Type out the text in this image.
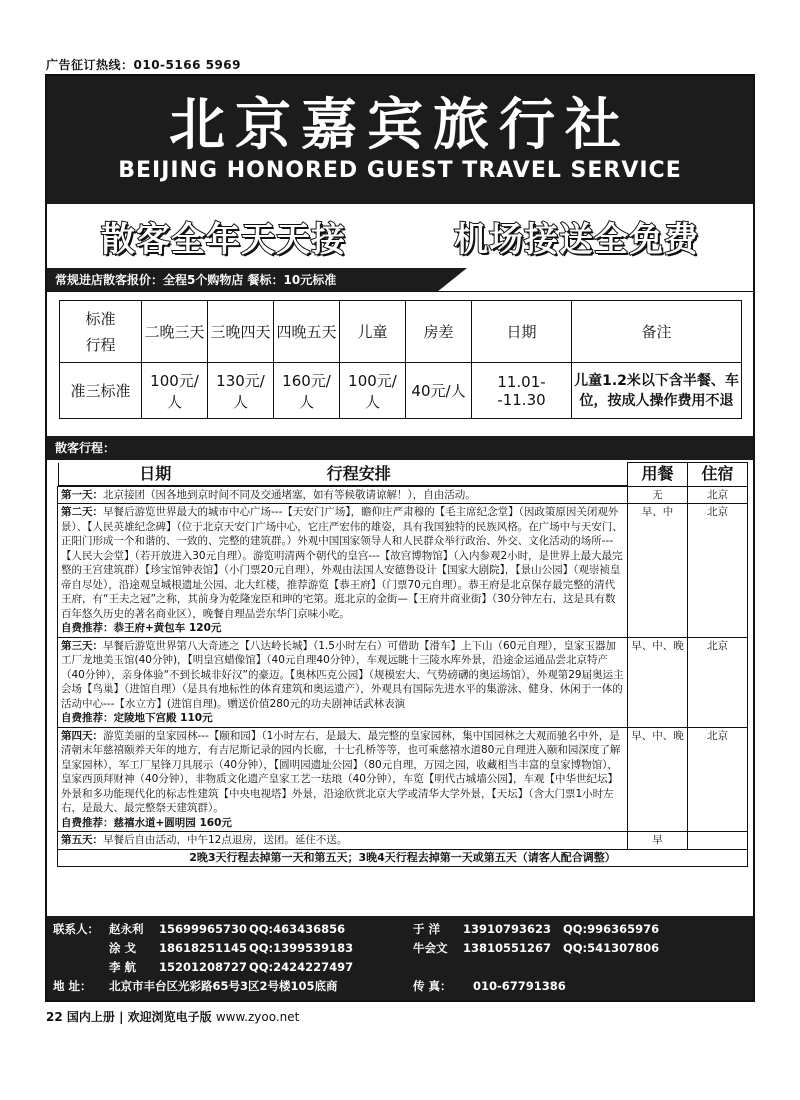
广告征订热线：010-5166 5969
北京嘉宾旅行社
BEIJING HONORED GUEST TRAVEL SERVICE
散客全年天天接	机场接送全免费
常规进店散客报价：全程5个购物店 餐标：10元标准
标准
行程	二晚三天	三晚四天	四晚五天	儿童	房差	日期	备注
准三标准	100元/人	130元/人	160元/人	100元/人	40元/人	11.01--11.30	儿童1.2米以下含半餐、车位，按成人操作费用不退
散客行程：
日期	行程安排	用餐	住宿
第一天：北京接团（因各地到京时间不同及交通堵塞，如有等候敬请谅解！），自由活动。	无	北京
第二天：早餐后游览世界最大的城市中心广场---【天安门广场】，瞻仰庄严肃穆的【毛主席纪念堂】（因政策原因关闭观外景）、【人民英雄纪念碑】（位于北京天安门广场中心，它庄严宏伟的雄姿，具有我国独特的民族风格。在广场中与天安门、正阳门形成一个和谐的、一致的、完整的建筑群。）外观中国国家领导人和人民群众举行政治、外交、文化活动的场所---【人民大会堂】（若开放进入30元自理）。游览明清两个朝代的皇宫---【故宫博物馆】（入内参观2小时，是世界上最大最完整的王宫建筑群）【珍宝馆钟表馆】（小门票20元自理），外观由法国人安德鲁设计【国家大剧院】，【景山公园】（观崇祯皇帝自尽处），沿途观皇城根遗址公园、北大红楼，推荐游览【恭王府】（门票70元自理）。恭王府是北京保存最完整的清代王府，有“王夫之冠”之称，其前身为乾隆宠臣和珅的宅第。逛北京的金街—【王府井商业街】（30分钟左右，这是具有数百年悠久历史的著名商业区），晚餐自理品尝东华门京味小吃。
自费推荐：恭王府+黄包车 120元	早、中	北京
第三天：早餐后游览世界第八大奇迹之【八达岭长城】（1.5小时左右）可借助【滑车】上下山（60元自理），皇家玉器加工厂龙地美玉馆(40分钟)，【明皇宫蜡像馆】（40元自理40分钟），车观远眺十三陵水库外景，沿途金运通品尝北京特产（40分钟），亲身体验“不到长城非好汉”的豪迈。【奥林匹克公园】（规模宏大、气势磅礴的奥运场馆），外观第29届奥运主会场【鸟巢】（进馆自理）（是具有地标性的体育建筑和奥运遗产），外观具有国际先进水平的集游泳、健身、休闲于一体的活动中心---【水立方】(进馆自理)。赠送价值280元的功夫剧神话武林表演
自费推荐：定陵地下宫殿 110元	早、中、晚	北京
第四天：游览美丽的皇家园林---【颐和园】（1小时左右，是最大、最完整的皇家园林，集中国园林之大观而驰名中外，是清朝末年慈禧颐养天年的地方，有吉尼斯记录的园内长廊，十七孔桥等等，也可乘慈禧水道80元自理进入颐和园深度了解皇家园林），军工厂星锋刀具展示（40分钟），【圆明园遗址公园】（80元自理，万园之园，收藏相当丰富的皇家博物馆），皇家西顶拜财神（40分钟），非物质文化遗产皇家工艺一珐琅（40分钟），车览【明代古城墙公园】，车观【中华世纪坛】外景和多功能现代化的标志性建筑【中央电视塔】外景，沿途欣赏北京大学或清华大学外景，【天坛】（含大门票1小时左右，是最大、最完整祭天建筑群）。
自费推荐：慈禧水道+圆明园 160元	早、中、晚	北京
第五天：早餐后自由活动，中午12点退房，送团。延住不送。	早	
2晚3天行程去掉第一天和第五天；3晚4天行程去掉第一天或第五天（请客人配合调整）		
联系人： 赵永利	15699965730 QQ:463436856	于 洋	13910793623	QQ:996365976
涂 戈	18618251145 QQ:1399539183	牛会文	13810551267	QQ:541307806
李 航	15201208727 QQ:2424227497
地 址：	北京市丰台区光彩路65号3区2号楼105底商	传 真：	010-67791386
22 国内上册 | 欢迎浏览电子版 www.zyoo.net
